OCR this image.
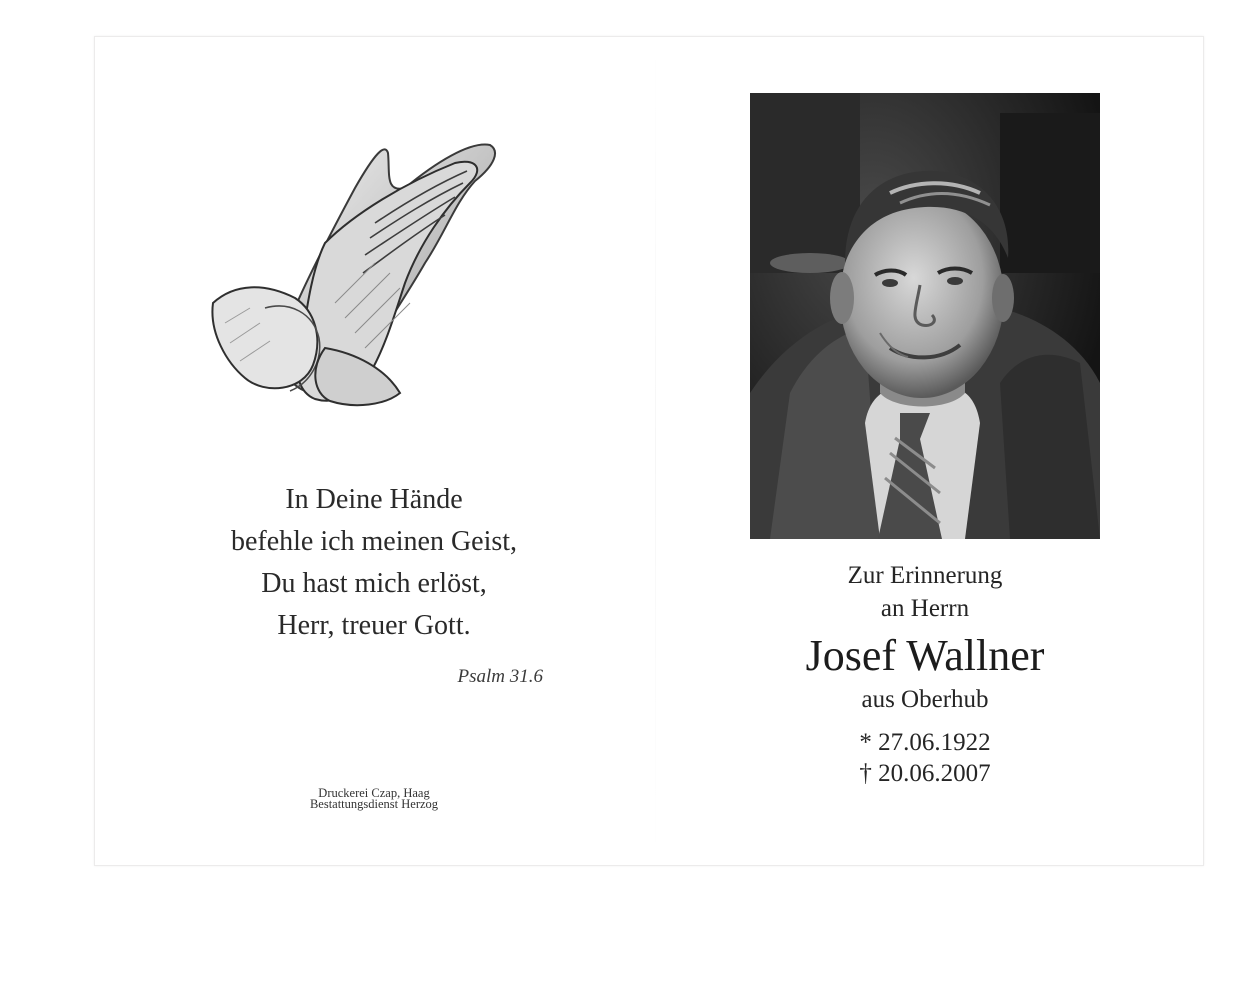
In Deine Hände
befehle ich meinen Geist,
Du hast mich erlöst,
Herr, treuer Gott.
Psalm 31.6
Druckerei Czap, Haag
Bestattungsdienst Herzog
Zur Erinnerung
an Herrn
Josef Wallner
aus Oberhub
* 27.06.1922
† 20.06.2007
